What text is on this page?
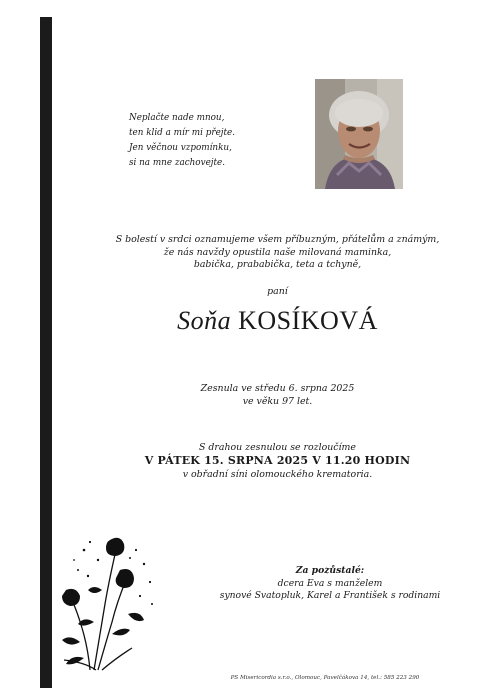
Neplačte nade mnou,
ten klid a mír mi přejte.
Jen věčnou vzpomínku,
si na mne zachovejte.
S bolestí v srdci oznamujeme všem příbuzným, přátelům a známým,
že nás navždy opustila naše milovaná maminka,
babička, prababička, teta a tchyně,
paní
Soňa KOSÍKOVÁ
Zesnula ve středu 6. srpna 2025
ve věku 97 let.
S drahou zesnulou se rozloučíme
V PÁTEK 15. SRPNA 2025 V 11.20 HODIN
v obřadní síni olomouckého krematoria.
Za pozůstalé:
dcera Eva s manželem
synové Svatopluk, Karel a František s rodinami
PS Misericordia s.r.o., Olomouc, Pavelčákova 14, tel.: 585 223 290
